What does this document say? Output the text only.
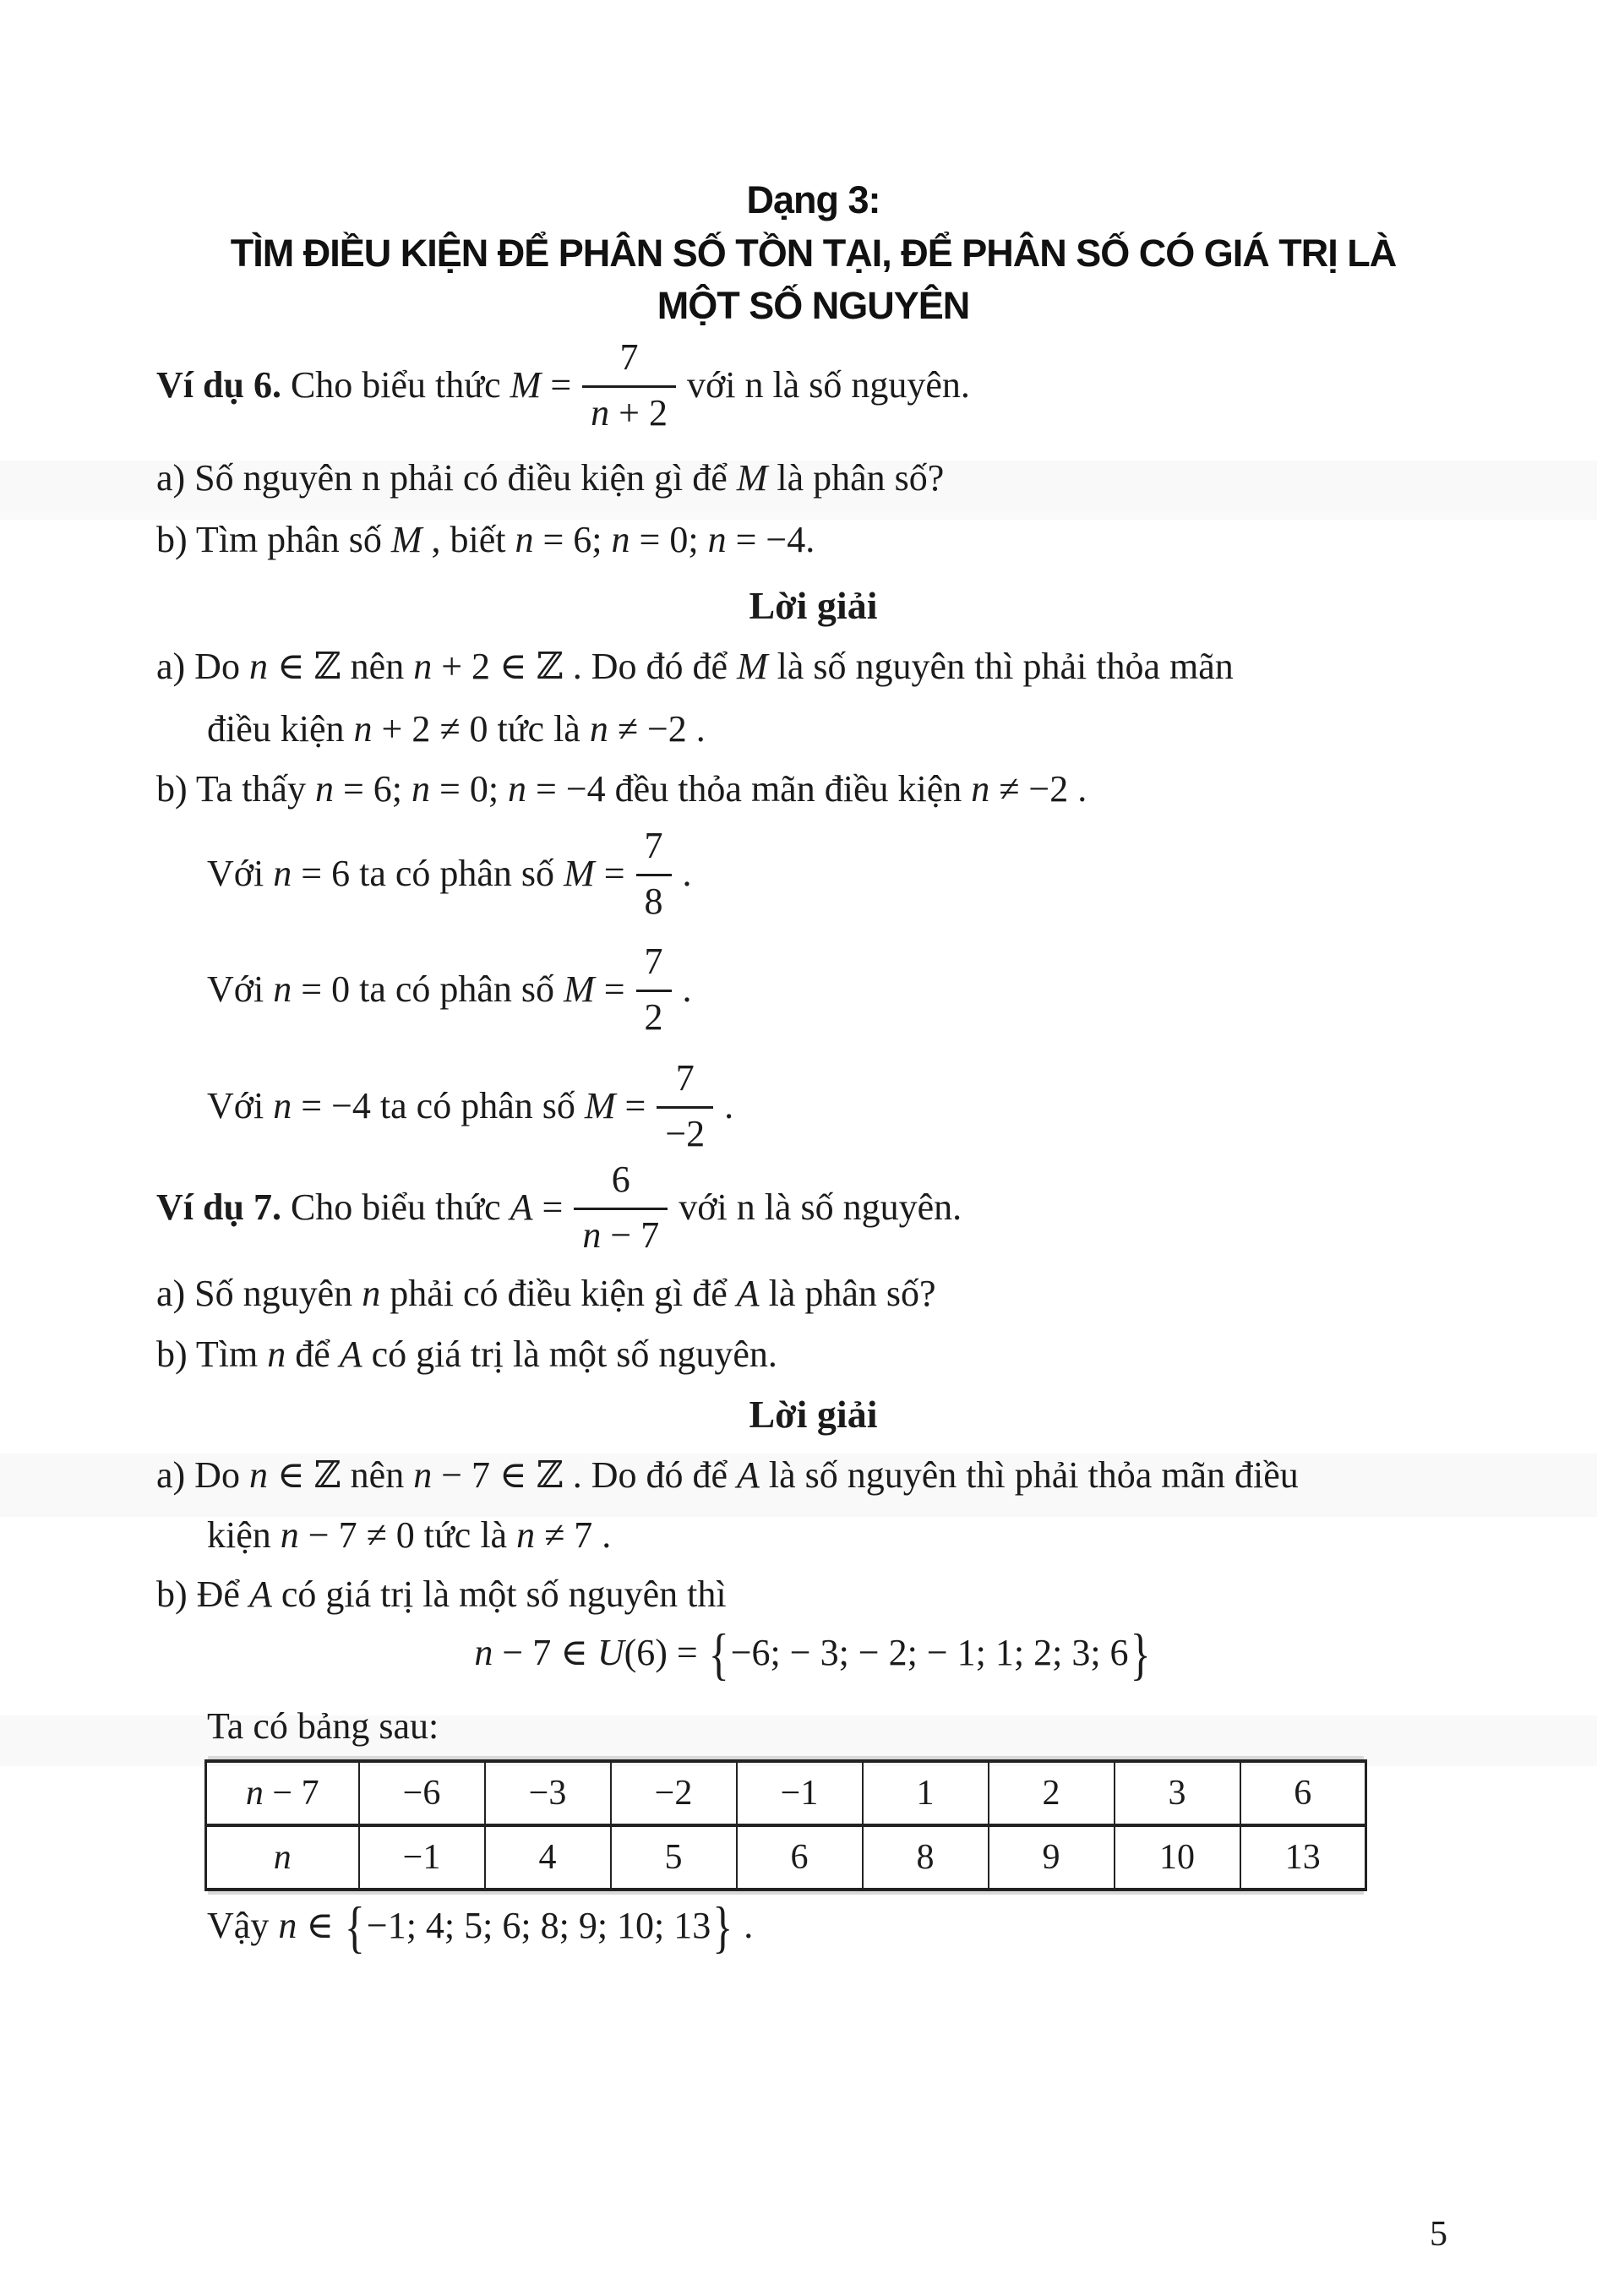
Dạng 3:
TÌM ĐIỀU KIỆN ĐỂ PHÂN SỐ TỒN TẠI, ĐỂ PHÂN SỐ CÓ GIÁ TRỊ LÀ
MỘT SỐ NGUYÊN
Ví dụ 6. Cho biểu thức $M = \frac{7}{n + 2}$ với n là số nguyên.
a) Số nguyên n phải có điều kiện gì để M là phân số?
b) Tìm phân số M , biết n = 6; n = 0; n = −4.
Lời giải
a) Do n ∈ ℤ nên n + 2 ∈ ℤ . Do đó để M là số nguyên thì phải thỏa mãn
điều kiện n + 2 ≠ 0 tức là n ≠ −2 .
b) Ta thấy n = 6; n = 0; n = −4 đều thỏa mãn điều kiện n ≠ −2 .
Với n = 6 ta có phân số $M = \frac{7}{8}$ .
Với n = 0 ta có phân số $M = \frac{7}{2}$ .
Với n = −4 ta có phân số $M = \frac{7}{-2}$ .
Ví dụ 7. Cho biểu thức $A = \frac{6}{n - 7}$ với n là số nguyên.
a) Số nguyên n phải có điều kiện gì để A là phân số?
b) Tìm n để A có giá trị là một số nguyên.
Lời giải
a) Do n ∈ ℤ nên n − 7 ∈ ℤ . Do đó để A là số nguyên thì phải thỏa mãn điều
kiện n − 7 ≠ 0 tức là n ≠ 7 .
b) Để A có giá trị là một số nguyên thì
n − 7 ∈ U(6) = {−6; − 3; − 2; − 1; 1; 2; 3; 6}
Ta có bảng sau:
n − 7	−6	−3	−2	−1	1	2	3	6
n	−1	4	5	6	8	9	10	13
Vậy n ∈ {−1; 4; 5; 6; 8; 9; 10; 13} .
5
